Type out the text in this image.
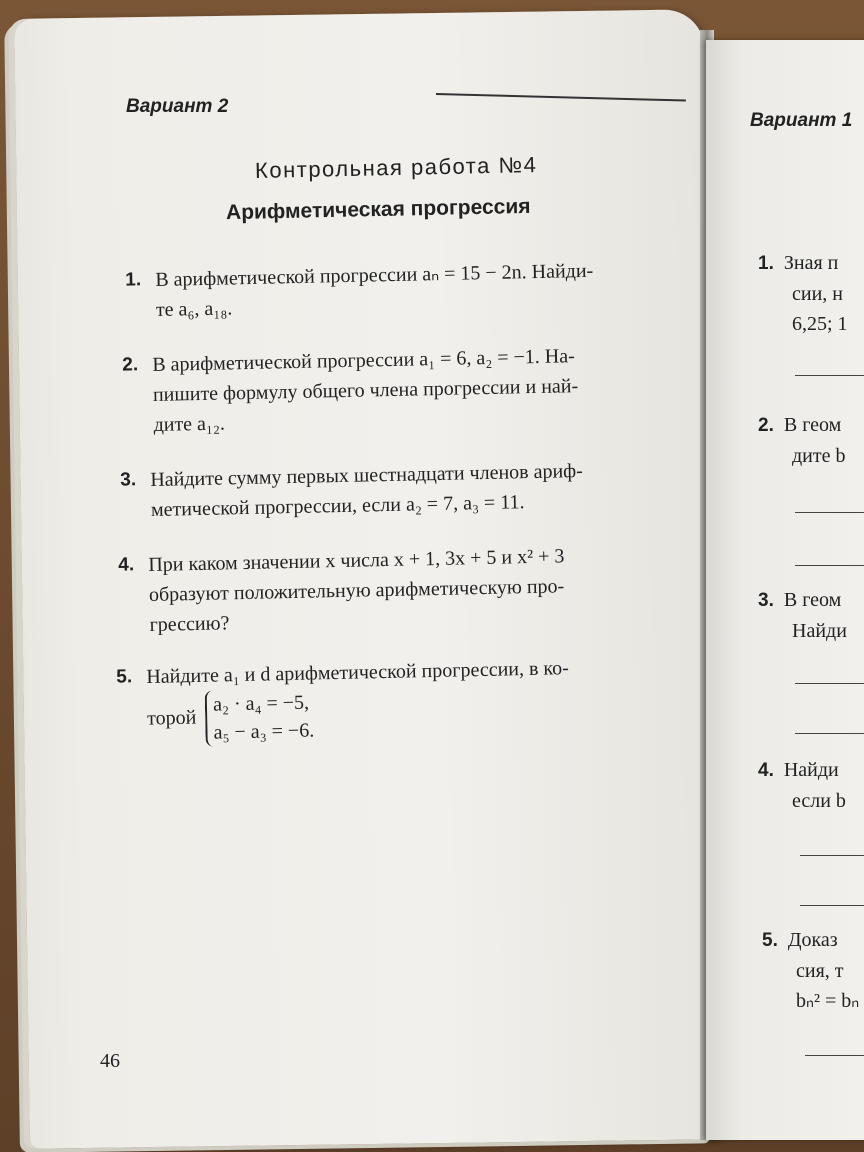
Вариант 2
Контрольная работа №4
Арифметическая прогрессия
1. В арифметической прогрессии aₙ = 15 − 2n. Найди-
те a₆, a₁₈.
2. В арифметической прогрессии a₁ = 6, a₂ = −1. На-
пишите формулу общего члена прогрессии и най-
дите a₁₂.
3. Найдите сумму первых шестнадцати членов ариф-
метической прогрессии, если a₂ = 7, a₃ = 11.
4. При каком значении x числа x + 1, 3x + 5 и x² + 3
образуют положительную арифметическую про-
грессию?
5. Найдите a₁ и d арифметической прогрессии, в ко-
торой
a₂ · a₄ = −5,
a₅ − a₃ = −6.
46
Вариант 1
1. Зная п
сии, н
6,25; 1
2. В геом
дите b
3. В геом
Найди
4. Найди
если b
5. Доказ
сия, т
bₙ² = bₙ
